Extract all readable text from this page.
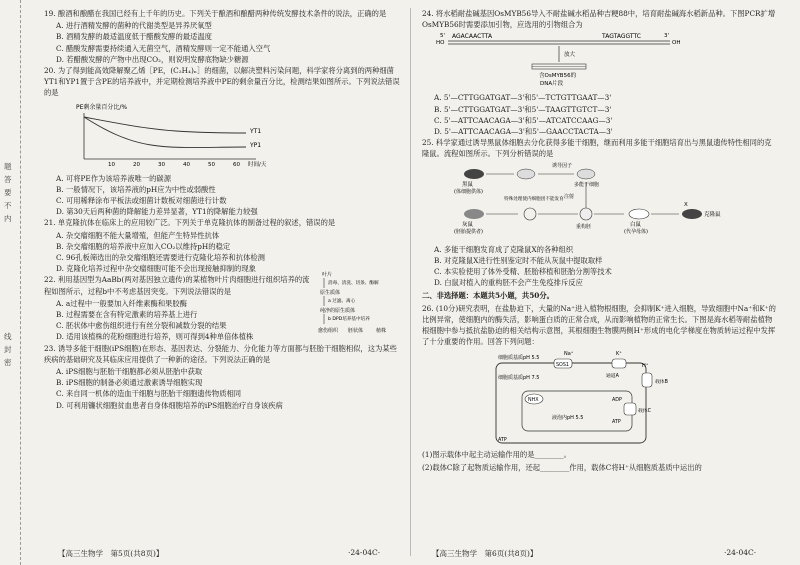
题 答 要 不 内
线 封 密
19. 酿酒和酿醋在我国已经有上千年的历史。下列关于酿酒和酿醋两种传统发酵技术条件的说法，正确的是
A. 进行酒精发酵的菌种的代谢类型是异养厌氧型
B. 酒精发酵的最适温度低于醋酸发酵的最适温度
C. 醋酸发酵需要持续通入无菌空气，酒精发酵则一定不能通入空气
D. 若醋酸发酵的产物中出现CO₂，则说明发酵底物缺少糖源
20. 为了得到能高效降解聚乙烯［PE，(C₂H₄)ₙ］的细菌，以解决塑料污染问题，科学家将分离到的两种细菌YT1和YP1置于含PE的培养液中，并定期检测培养液中PE的剩余量百分比，检测结果如图所示。下列说法错误的是
PE剩余量百分比/%
YT1
YP1
10	20	30	40	50	60 时间/天
A. 可将PE作为该培养液唯一的碳源
B. 一般情况下，该培养液的pH应为中性或弱酸性
C. 可用稀释涂布平板法或细菌计数板对细菌进行计数
D. 第30天后两种菌的降解能力差异显著，YT1的降解能力较强
21. 单克隆抗体在临床上的应用较广泛。下列关于单克隆抗体的制备过程的叙述，错误的是
A. 杂交瘤细胞不能大量增殖，但能产生特异性抗体
B. 杂交瘤细胞的培养液中应加入CO₂以维持pH的稳定
C. 96孔板筛选出的杂交瘤细胞还需要进行克隆化培养和抗体检测
D. 克隆化培养过程中杂交瘤细胞可能不会出现接触抑制的现象
22. 利用基因型为AaBb(两对基因独立遗传)的某植物叶片肉细胞进行组织培养的流程如图所示，过程b中不考虑基因突变。下列说法错误的是
叶片
消毒、清洗、切条、酶解
原生质体
a 过滤、离心
纯净的原生质体
b DPD培养基中培养
愈伤组织 胚状体	植株
A. a过程中一般要加入纤维素酶和果胶酶
B. 过程需要在含有特定激素的培养基上进行
C. 胚状体中愈伤组织进行有丝分裂和减数分裂的结果
D. 适用该植株的花粉细胞进行培养，则可得到4种单倍体植株
23. 诱导多能干细胞(iPS细胞)在形态、基因表达、分裂能力、分化能力等方面都与胚胎干细胞相似，这为某些疾病的基础研究及其临床应用提供了一种新的途径。下列说法正确的是
A. iPS细胞与胚胎干细胞都必须从胚胎中获取
B. iPS细胞的制备必须通过激素诱导细胞实现
C. 来自同一机体的造血干细胞与胚胎干细胞遗传物质相同
D. 可利用镰状细胞贫血患者自身体细胞培养的iPS细胞治疗自身该疾病
24. 将水稻耐盐碱基因OsMYB56导入不耐盐碱水稻品种吉粳88中，培育耐盐碱海水稻新品种。下图PCR扩增OsMYB56时需要添加引物，应选用的引物组合为
HO
5' AGACAACTTA	TAGTAGGTTC	3'
OH
放大
含OsMYB56的
DNA片段
A. 5'—CTTGGATGAT—3'和5'—TCTGTTGAAT—3'
B. 5'—CTTGGATGAT—3'和5'—TAAGTTGTCT—3'
C. 5'—ATTCAACAGA—3'和5'—ATCATCCAAG—3'
D. 5'—ATTCAACAGA—3'和5'—GAACCTACTA—3'
25. 科学家通过诱导黑鼠体细胞去分化获得多能干细胞，继而利用多能干细胞培育出与黑鼠遗传特性相同的克隆鼠。流程如图所示。下列分析错误的是
黑鼠
(体细胞供体)
诱导因子
多能干细胞
灰鼠
(胚胎提供者)
特殊处理使内细胞团不能发育 注射
重构胚	白鼠
(代孕母体)
X
克隆鼠
A. 多能干细胞发育成了克隆鼠X的各种组织
B. 对克隆鼠X进行性别鉴定时不能从灰鼠中提取取样
C. 本实验使用了体外受精、胚胎移植和胚胎分割等技术
D. 白鼠对植入的重构胚不会产生免疫排斥反应
二、非选择题：本题共5小题，共50分。
26. (10分)研究表明，在盐胁迫下，大量的Na⁺进入植物根细胞，会抑制K⁺进入细胞，导致细胞中Na⁺和K⁺的比例异常，使细胞内的酶失活，影响蛋白质的正常合成，从而影响植物的正常生长。下图是海水稻等耐盐植物根细胞中参与抵抗盐胁迫的相关结构示意图，其根细胞生物膜两侧H⁺形成的电化学梯度在物质转运过程中发挥了十分重要的作用。回答下列问题：
细胞质基质pH 5.5
细胞质基质pH 7.5
SOS1
Na⁺
通道A
K⁺
载体B
H⁺
NHX
载体C
ADP
ATP
液泡内pH 5.5
ATP
(1)图示载体中起主动运输作用的是________。
(2)载体C除了起物质运输作用，还起________作用，载体C将H⁺从细胞质基质中运出的
【高三生物学　第5页(共8页)】	·24-04C·	【高三生物学　第6页(共8页)】	·24-04C·
